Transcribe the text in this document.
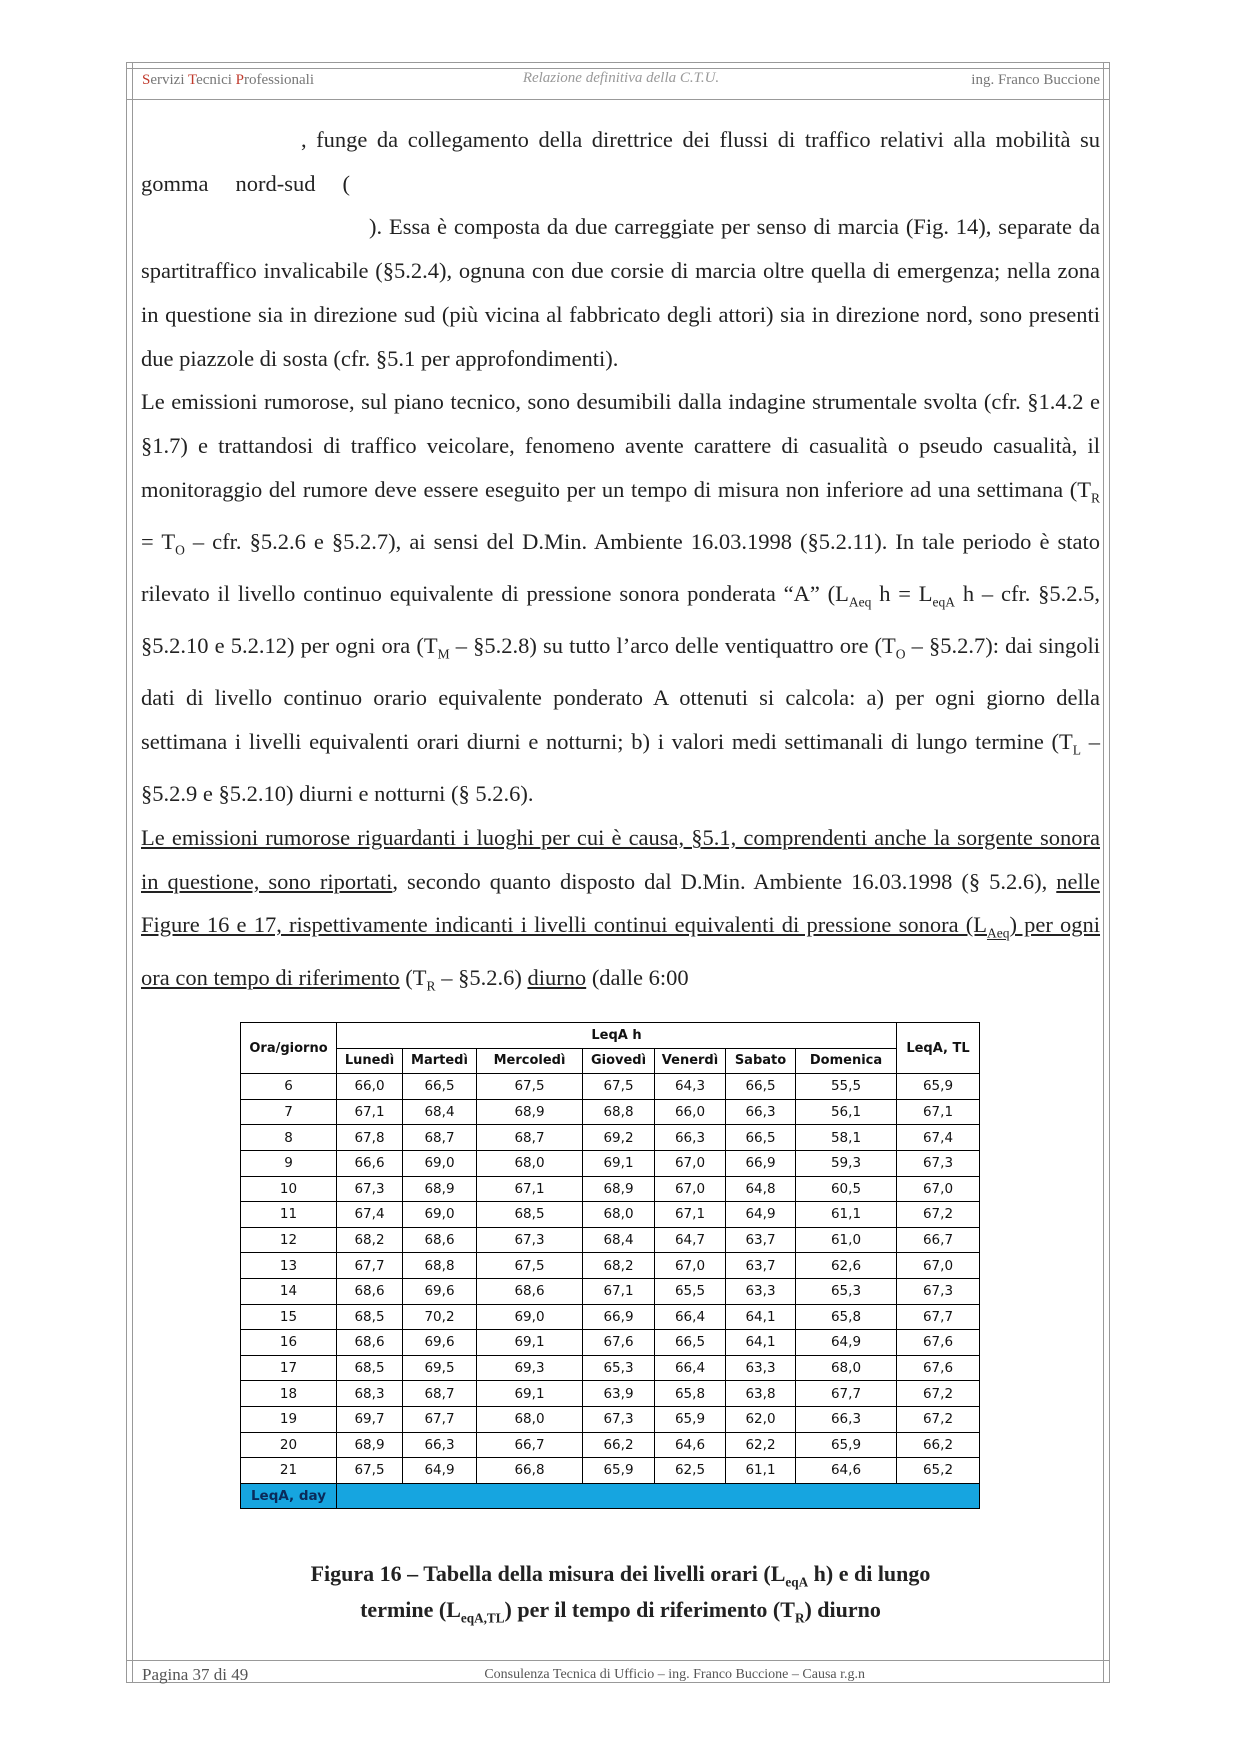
Servizi Tecnici Professionali	Relazione definitiva della C.T.U.	ing. Franco Buccione

, funge da collegamento della direttrice dei flussi di traffico relativi alla mobilità su gomma nord-sud ( ). Essa è composta da due carreggiate per senso di marcia (Fig. 14), separate da spartitraffico invalicabile (§5.2.4), ognuna con due corsie di marcia oltre quella di emergenza; nella zona in questione sia in direzione sud (più vicina al fabbricato degli attori) sia in direzione nord, sono presenti due piazzole di sosta (cfr. §5.1 per approfondimenti).

Le emissioni rumorose, sul piano tecnico, sono desumibili dalla indagine strumentale svolta (cfr. §1.4.2 e §1.7) e trattandosi di traffico veicolare, fenomeno avente carattere di casualità o pseudo casualità, il monitoraggio del rumore deve essere eseguito per un tempo di misura non inferiore ad una settimana ($T_R = T_O$ – cfr. §5.2.6 e §5.2.7), ai sensi del D.Min. Ambiente 16.03.1998 (§5.2.11). In tale periodo è stato rilevato il livello continuo equivalente di pressione sonora ponderata “A” ($L_{Aeq}$ $h = L_{eqA}$ h – cfr. §5.2.5, §5.2.10 e 5.2.12) per ogni ora ($T_M$ – §5.2.8) su tutto l’arco delle ventiquattro ore ($T_O$ – §5.2.7): dai singoli dati di livello continuo orario equivalente ponderato A ottenuti si calcola: a) per ogni giorno della settimana i livelli equivalenti orari diurni e notturni; b) i valori medi settimanali di lungo termine ($T_L$ – §5.2.9 e §5.2.10) diurni e notturni (§ 5.2.6).

Le emissioni rumorose riguardanti i luoghi per cui è causa, §5.1, comprendenti anche la sorgente sonora in questione, sono riportati, secondo quanto disposto dal D.Min. Ambiente 16.03.1998 (§ 5.2.6), nelle Figure 16 e 17, rispettivamente indicanti i livelli continui equivalenti di pressione sonora $(L_{Aeq})$ per ogni ora con tempo di riferimento ($T_R$ – §5.2.6) diurno (dalle 6:00

Ora/giorno	LeqA h							LeqA, TL
	Lunedì	Martedì	Mercoledì	Giovedì	Venerdì	Sabato	Domenica	
6	66,0	66,5	67,5	67,5	64,3	66,5	55,5	65,9
7	67,1	68,4	68,9	68,8	66,0	66,3	56,1	67,1
8	67,8	68,7	68,7	69,2	66,3	66,5	58,1	67,4
9	66,6	69,0	68,0	69,1	67,0	66,9	59,3	67,3
10	67,3	68,9	67,1	68,9	67,0	64,8	60,5	67,0
11	67,4	69,0	68,5	68,0	67,1	64,9	61,1	67,2
12	68,2	68,6	67,3	68,4	64,7	63,7	61,0	66,7
13	67,7	68,8	67,5	68,2	67,0	63,7	62,6	67,0
14	68,6	69,6	68,6	67,1	65,5	63,3	65,3	67,3
15	68,5	70,2	69,0	66,9	66,4	64,1	65,8	67,7
16	68,6	69,6	69,1	67,6	66,5	64,1	64,9	67,6
17	68,5	69,5	69,3	65,3	66,4	63,3	68,0	67,6
18	68,3	68,7	69,1	63,9	65,8	63,8	67,7	67,2
19	69,7	67,7	68,0	67,3	65,9	62,0	66,3	67,2
20	68,9	66,3	66,7	66,2	64,6	62,2	65,9	66,2
21	67,5	64,9	66,8	65,9	62,5	61,1	64,6	65,2
LeqA, day								
Figura 16 – Tabella della misura dei livelli orari ($L_{eqA}$ h) e di lungo
termine $(L_{eqA,TL})$ per il tempo di riferimento $(T_R)$ diurno
Pagina 37 di 49	Consulenza Tecnica di Ufficio – ing. Franco Buccione – Causa r.g.n
